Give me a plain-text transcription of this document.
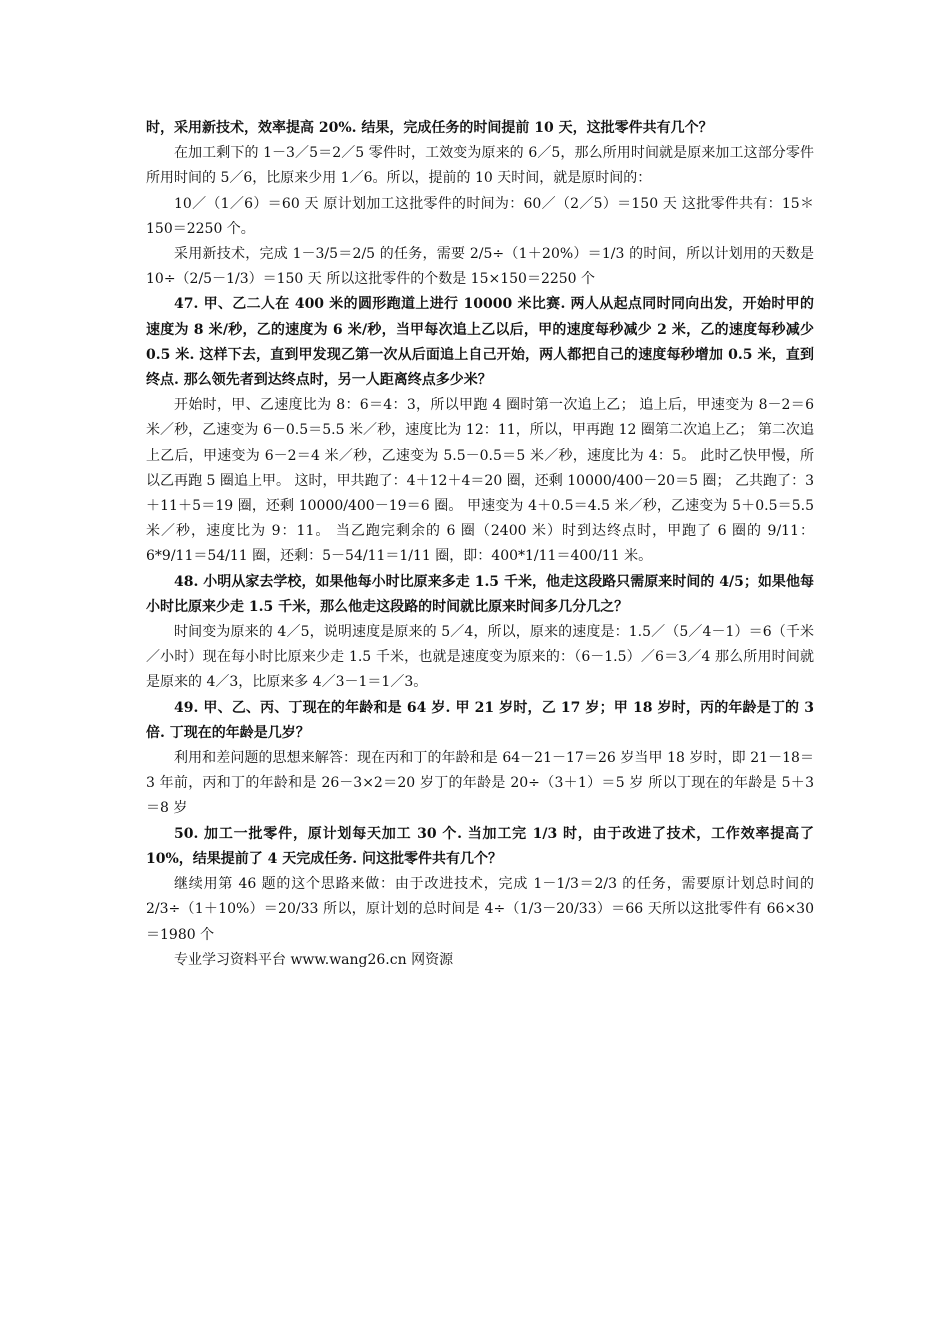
时，采用新技术，效率提高 20%. 结果，完成任务的时间提前 10 天，这批零件共有几个？

在加工剩下的 1－3／5＝2／5 零件时，工效变为原来的 6／5，那么所用时间就是原来加工这部分零件所用时间的 5／6，比原来少用 1／6。所以，提前的 10 天时间，就是原时间的：

10／（1／6）＝60 天 原计划加工这批零件的时间为：60／（2／5）＝150 天 这批零件共有：15＊150＝2250 个。

采用新技术，完成 1－3/5＝2/5 的任务，需要 2/5÷（1＋20%）＝1/3 的时间，所以计划用的天数是 10÷（2/5－1/3）＝150 天 所以这批零件的个数是 15×150＝2250 个

47. 甲、乙二人在 400 米的圆形跑道上进行 10000 米比赛. 两人从起点同时同向出发，开始时甲的速度为 8 米/秒，乙的速度为 6 米/秒，当甲每次追上乙以后，甲的速度每秒减少 2 米，乙的速度每秒减少 0.5 米. 这样下去，直到甲发现乙第一次从后面追上自己开始，两人都把自己的速度每秒增加 0.5 米，直到终点. 那么领先者到达终点时，另一人距离终点多少米？

开始时，甲、乙速度比为 8：6＝4：3，所以甲跑 4 圈时第一次追上乙； 追上后，甲速变为 8－2＝6 米／秒，乙速变为 6－0.5＝5.5 米／秒，速度比为 12：11，所以，甲再跑 12 圈第二次追上乙； 第二次追上乙后，甲速变为 6－2＝4 米／秒，乙速变为 5.5－0.5＝5 米／秒，速度比为 4：5。 此时乙快甲慢，所以乙再跑 5 圈追上甲。 这时，甲共跑了：4＋12＋4＝20 圈，还剩 10000/400－20＝5 圈； 乙共跑了：3＋11＋5＝19 圈，还剩 10000/400－19＝6 圈。 甲速变为 4＋0.5＝4.5 米／秒，乙速变为 5＋0.5＝5.5 米／秒，速度比为 9：11。 当乙跑完剩余的 6 圈（2400 米）时到达终点时，甲跑了 6 圈的 9/11： 6*9/11＝54/11 圈，还剩：5－54/11＝1/11 圈，即：400*1/11＝400/11 米。

48. 小明从家去学校，如果他每小时比原来多走 1.5 千米，他走这段路只需原来时间的 4/5；如果他每小时比原来少走 1.5 千米，那么他走这段路的时间就比原来时间多几分几之？

时间变为原来的 4／5，说明速度是原来的 5／4，所以，原来的速度是：1.5／（5／4－1）＝6（千米／小时）现在每小时比原来少走 1.5 千米，也就是速度变为原来的：（6－1.5）／6＝3／4 那么所用时间就是原来的 4／3，比原来多 4／3－1＝1／3。

49. 甲、乙、丙、丁现在的年龄和是 64 岁. 甲 21 岁时，乙 17 岁；甲 18 岁时，丙的年龄是丁的 3 倍. 丁现在的年龄是几岁？

利用和差问题的思想来解答：现在丙和丁的年龄和是 64－21－17＝26 岁当甲 18 岁时，即 21－18＝3 年前，丙和丁的年龄和是 26－3×2＝20 岁丁的年龄是 20÷（3＋1）＝5 岁 所以丁现在的年龄是 5＋3＝8 岁

50. 加工一批零件，原计划每天加工 30 个. 当加工完 1/3 时，由于改进了技术，工作效率提高了 10%，结果提前了 4 天完成任务. 问这批零件共有几个？

继续用第 46 题的这个思路来做：由于改进技术，完成 1－1/3＝2/3 的任务，需要原计划总时间的 2/3÷（1＋10%）＝20/33 所以，原计划的总时间是 4÷（1/3－20/33）＝66 天所以这批零件有 66×30＝1980 个

专业学习资料平台 www.wang26.cn 网资源
